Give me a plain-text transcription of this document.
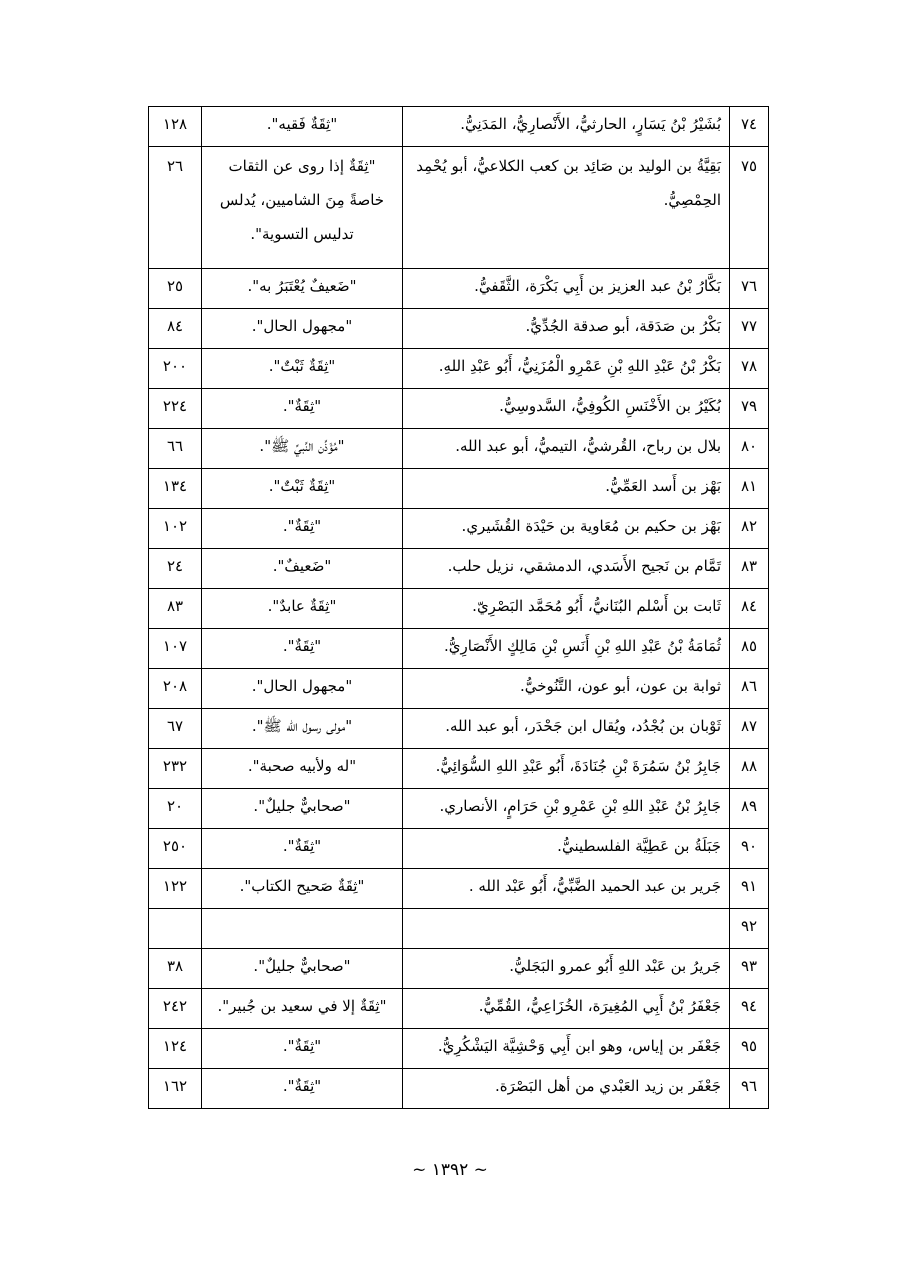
٧٤	بُشَيْرُ بْنُ يَسَارٍ، الحارثيُّ، الأَنْصارِيُّ، المَدَنِيُّ.	"ثِقَةٌ فَقيه".	١٢٨
٧٥	بَقِيَّةُ بن الوليد بن صَائِد بن كعب الكلاعيُّ، أبو يُحْمِد الحِمْصِيُّ.	"ثِقَةٌ إذا روى عن الثقات خاصةً مِنَ الشاميين، يُدلس تدليس التسوية".	٢٦
٧٦	بَكَّارُ بْنُ عبد العزيز بن أَبِي بَكْرَة، الثَّقَفيُّ.	"ضَعيفٌ يُعْتَبَرُ به".	٢٥
٧٧	بَكْرُ بن صَدَقة، أبو صدقة الجُدِّيُّ.	"مجهول الحال".	٨٤
٧٨	بَكْرُ بْنُ عَبْدِ اللهِ بْنِ عَمْرِو الْمُزَنِيُّ، أَبُو عَبْدِ اللهِ.	"ثِقَةٌ ثَبْتٌ".	٢٠٠
٧٩	بُكَيْرُ بن الأَخْنَسِ الكُوفِيُّ، السَّدوسِيُّ.	"ثِقَةٌ".	٢٢٤
٨٠	بلال بن رباح، القُرشيُّ، التيميُّ، أبو عبد الله.	"مُؤَذِّن النَّبيِّ ﷺ".	٦٦
٨١	بَهْز بن أَسد العَمِّيُّ.	"ثِقَةٌ ثَبْتٌ".	١٣٤
٨٢	بَهْز بن حكيم بن مُعَاوية بن حَيْدَة القُشَيري.	"ثِقَةٌ".	١٠٢
٨٣	تَمَّام بن نَجيح الأَسَدي، الدمشقي، نزيل حلب.	"ضَعيفٌ".	٢٤
٨٤	ثَابت بن أَسْلم البُنَانيُّ، أَبُو مُحَمَّد البَصْرِيّ.	"ثِقَةٌ عابدٌ".	٨٣
٨٥	ثُمَامَةُ بْنُ عَبْدِ اللهِ بْنِ أَنَسِ بْنِ مَالِكٍ الأَنْصَارِيُّ.	"ثِقَةٌ".	١٠٧
٨٦	ثوابة بن عون، أبو عون، التَّنُوخيُّ.	"مجهول الحال".	٢٠٨
٨٧	ثَوْبان بن بُجْدُد، ويُقال ابن جَحْدَر، أبو عبد الله.	"مولى رسول الله ﷺ".	٦٧
٨٨	جَابِرُ بْنُ سَمُرَةَ بْنِ جُنَادَةَ، أَبُو عَبْدِ اللهِ السُّوَائِيُّ.	"له ولأبيه صحبة".	٢٣٢
٨٩	جَابِرُ بْنُ عَبْدِ اللهِ بْنِ عَمْرِو بْنِ حَرَامٍ، الأنصاري.	"صحابيٌّ جليلٌ".	٢٠
٩٠	جَبَلَةُ بن عَطِيَّة الفلسطينيُّ.	"ثِقَةٌ".	٢٥٠
٩١	جَرير بن عبد الحميد الضَّبِّيُّ، أَبُو عَبْد الله .	"ثِقَةٌ صَحيح الكتاب".	١٢٢
٩٢			
٩٣	جَريرُ بن عَبْد اللهِ أَبُو عمرو البَجَليُّ.	"صحابيٌّ جليلٌ".	٣٨
٩٤	جَعْفَرُ بْنُ أَبِي المُغِيرَة، الخُزَاعِيُّ، القُمِّيُّ.	"ثِقَةٌ إلا في سعيد بن جُبير".	٢٤٢
٩٥	جَعْفَر بن إياس، وهو ابن أَبِي وَحْشِيَّة اليَشْكُرِيُّ.	"ثِقَةٌ".	١٢٤
٩٦	جَعْفَر بن زيد العَبْدي من أهل البَصْرَة.	"ثِقَةٌ".	١٦٢
~ ١٣٩٢ ~
